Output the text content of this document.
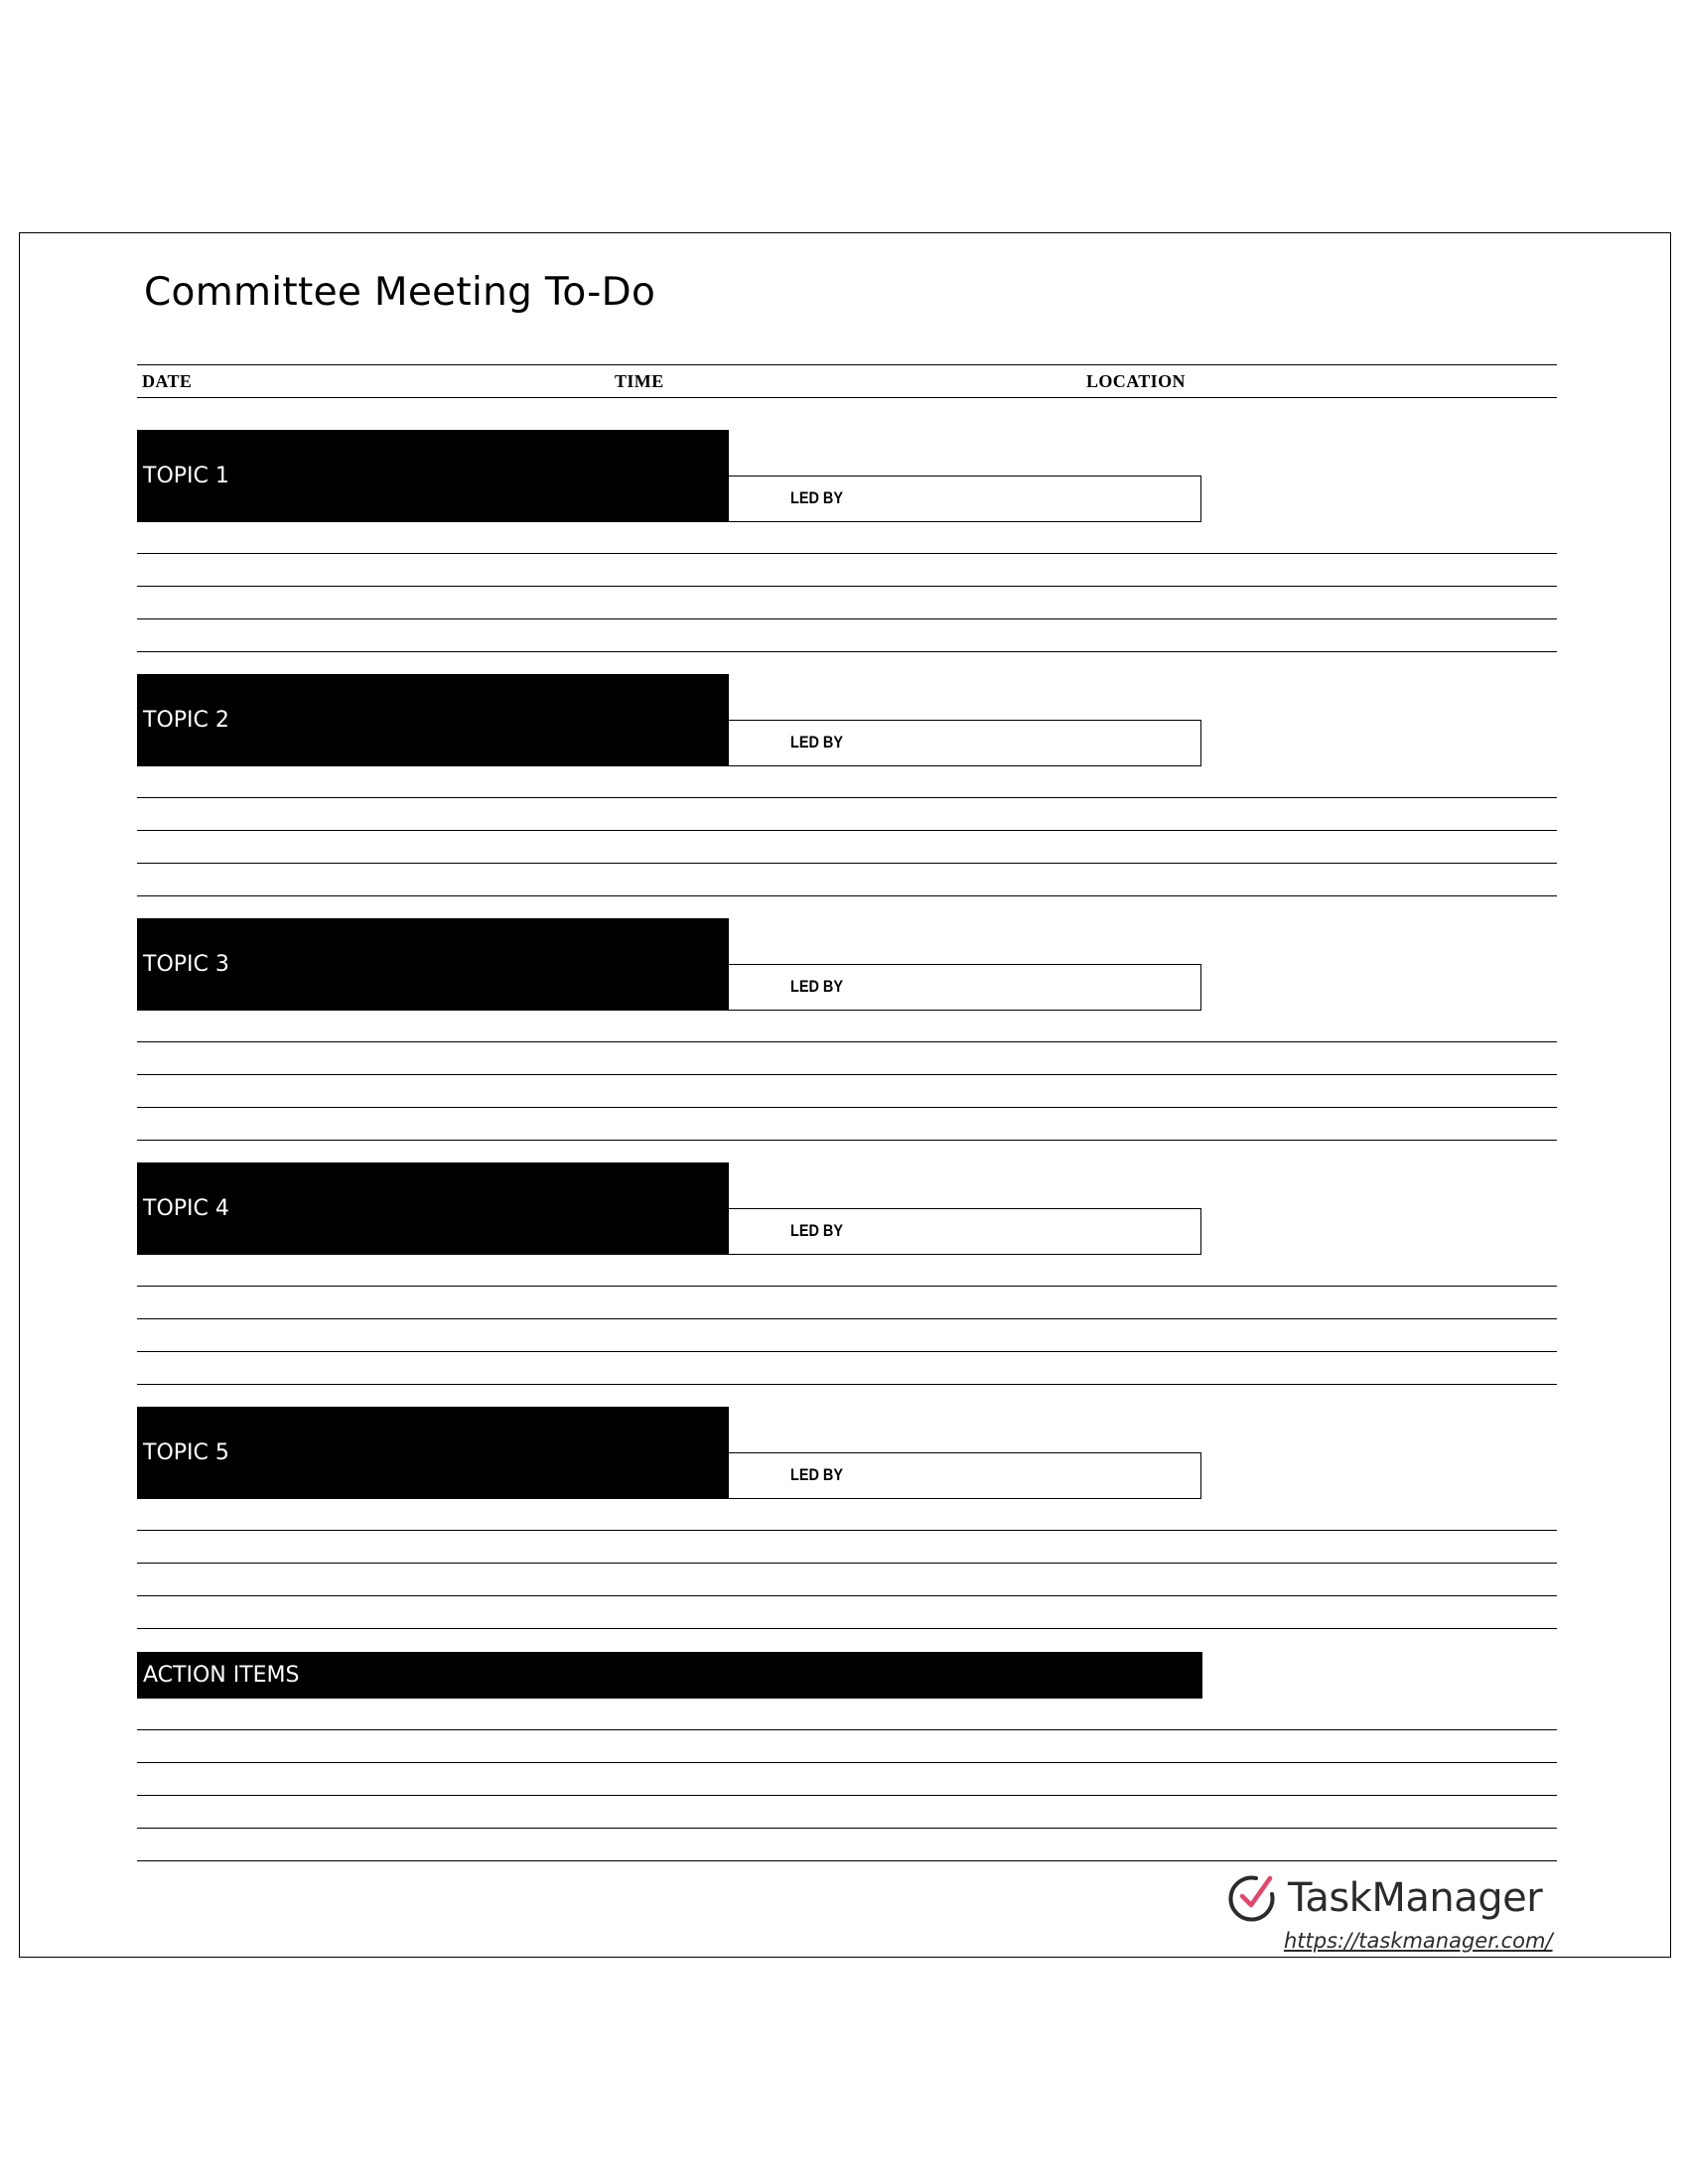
Committee Meeting To-Do
DATE	TIME	LOCATION
TOPIC 1
LED BY
TOPIC 2
LED BY
TOPIC 3
LED BY
TOPIC 4
LED BY
TOPIC 5
LED BY
ACTION ITEMS
TaskManager
https://taskmanager.com/
